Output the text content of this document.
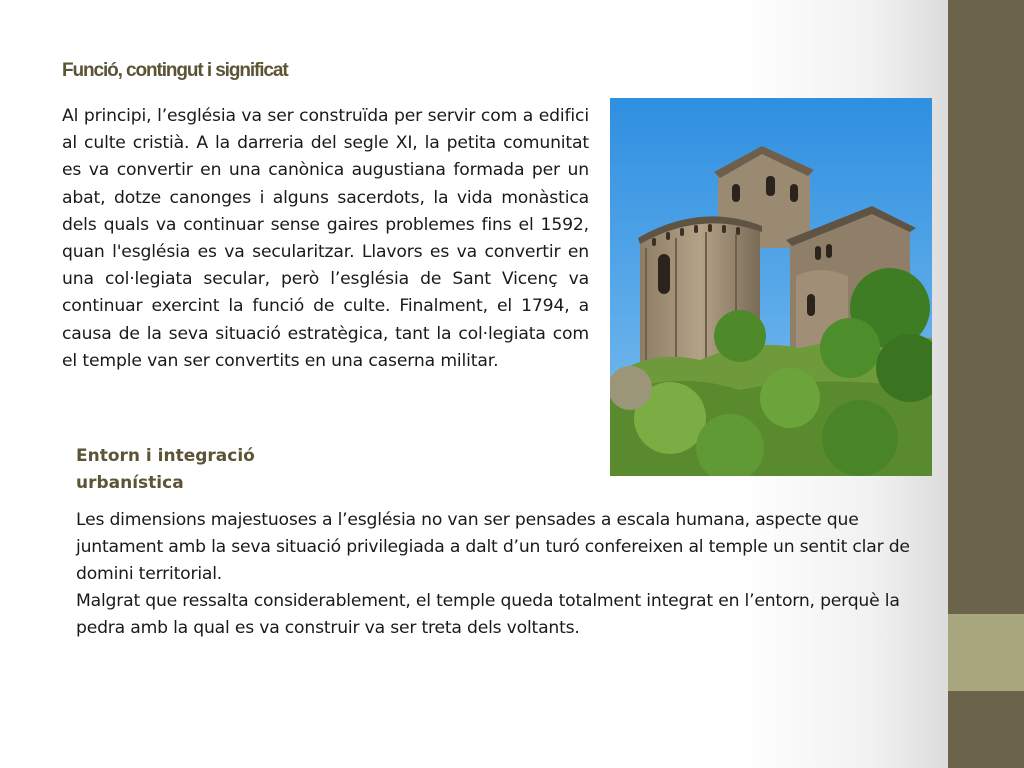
Funció, contingut i significat

Al principi, l’església va ser construïda per servir com a edifici al culte cristià. A la darreria del segle XI, la petita comunitat es va convertir en una canònica augustiana formada per un abat, dotze canonges i alguns sacerdots, la vida monàstica dels quals va continuar sense gaires problemes fins el 1592, quan l'església es va secularitzar. Llavors es va convertir en una col·legiata secular, però l’església de Sant Vicenç va continuar exercint la funció de culte. Finalment, el 1794, a causa de la seva situació estratègica, tant la col·legiata com el temple van ser convertits en una caserna militar.

Entorn i integració urbanística

Les dimensions majestuoses a l’església no van ser pensades a escala humana, aspecte que juntament amb la seva situació privilegiada a dalt d’un turó confereixen al temple un sentit clar de domini territorial.

Malgrat que ressalta considerablement, el temple queda totalment integrat en l’entorn, perquè la pedra amb la qual es va construir va ser treta dels voltants.
